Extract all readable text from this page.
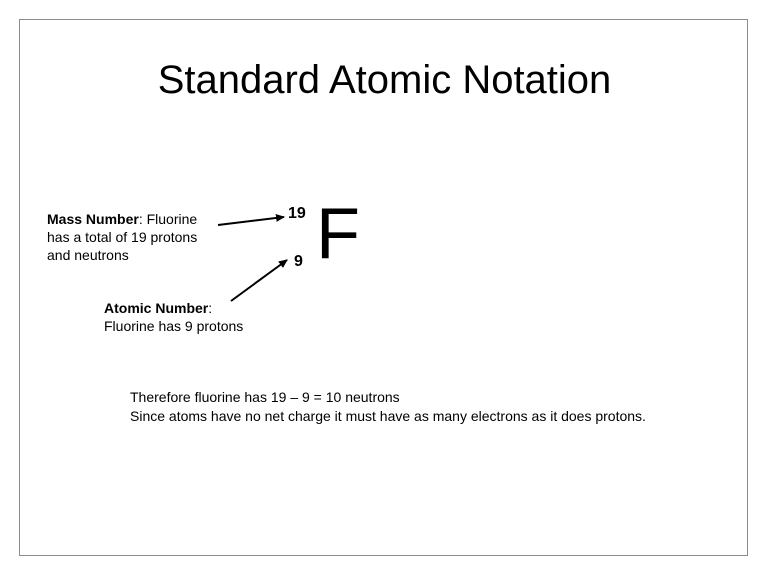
Standard Atomic Notation
Mass Number: Fluorine
has a total of 19 protons
and neutrons
Atomic Number:
Fluorine has 9 protons
19
9 F
Therefore fluorine has 19 – 9 = 10 neutrons
Since atoms have no net charge it must have as many electrons as it does protons.
